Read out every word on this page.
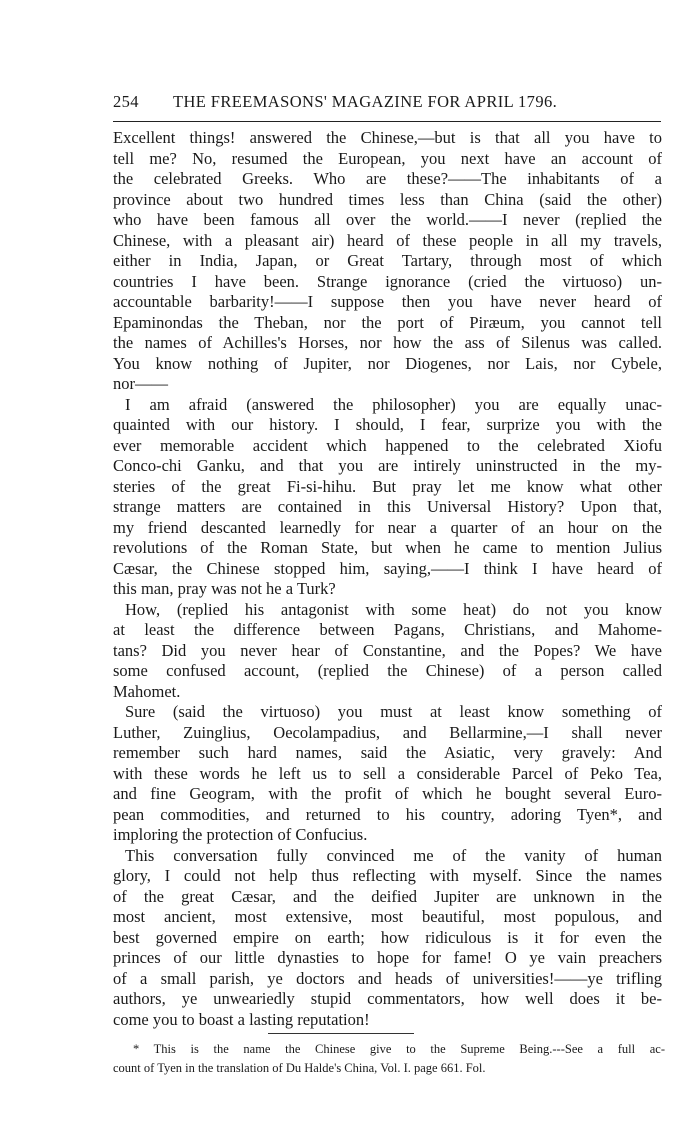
254 THE FREEMASONS' MAGAZINE FOR APRIL 1796.
Excellent things! answered the Chinese,—but is that all you have to
tell me? No, resumed the European, you next have an account of
the celebrated Greeks. Who are these?——The inhabitants of a
province about two hundred times less than China (said the other)
who have been famous all over the world.——I never (replied the
Chinese, with a pleasant air) heard of these people in all my travels,
either in India, Japan, or Great Tartary, through most of which
countries I have been. Strange ignorance (cried the virtuoso) un-
accountable barbarity!——I suppose then you have never heard of
Epaminondas the Theban, nor the port of Piræum, you cannot tell
the names of Achilles's Horses, nor how the ass of Silenus was called.
You know nothing of Jupiter, nor Diogenes, nor Lais, nor Cybele,
nor——
I am afraid (answered the philosopher) you are equally unac-
quainted with our history. I should, I fear, surprize you with the
ever memorable accident which happened to the celebrated Xiofu
Conco-chi Ganku, and that you are intirely uninstructed in the my-
steries of the great Fi-si-hihu. But pray let me know what other
strange matters are contained in this Universal History? Upon that,
my friend descanted learnedly for near a quarter of an hour on the
revolutions of the Roman State, but when he came to mention Julius
Cæsar, the Chinese stopped him, saying,——I think I have heard of
this man, pray was not he a Turk?
How, (replied his antagonist with some heat) do not you know
at least the difference between Pagans, Christians, and Mahome-
tans? Did you never hear of Constantine, and the Popes? We have
some confused account, (replied the Chinese) of a person called
Mahomet.
Sure (said the virtuoso) you must at least know something of
Luther, Zuinglius, Oecolampadius, and Bellarmine,—I shall never
remember such hard names, said the Asiatic, very gravely: And
with these words he left us to sell a considerable Parcel of Peko Tea,
and fine Geogram, with the profit of which he bought several Euro-
pean commodities, and returned to his country, adoring Tyen*, and
imploring the protection of Confucius.
This conversation fully convinced me of the vanity of human
glory, I could not help thus reflecting with myself. Since the names
of the great Cæsar, and the deified Jupiter are unknown in the
most ancient, most extensive, most beautiful, most populous, and
best governed empire on earth; how ridiculous is it for even the
princes of our little dynasties to hope for fame! O ye vain preachers
of a small parish, ye doctors and heads of universities!——ye trifling
authors, ye unweariedly stupid commentators, how well does it be-
come you to boast a lasting reputation!
* This is the name the Chinese give to the Supreme Being.---See a full ac-
count of Tyen in the translation of Du Halde's China, Vol. I. page 661. Fol.
